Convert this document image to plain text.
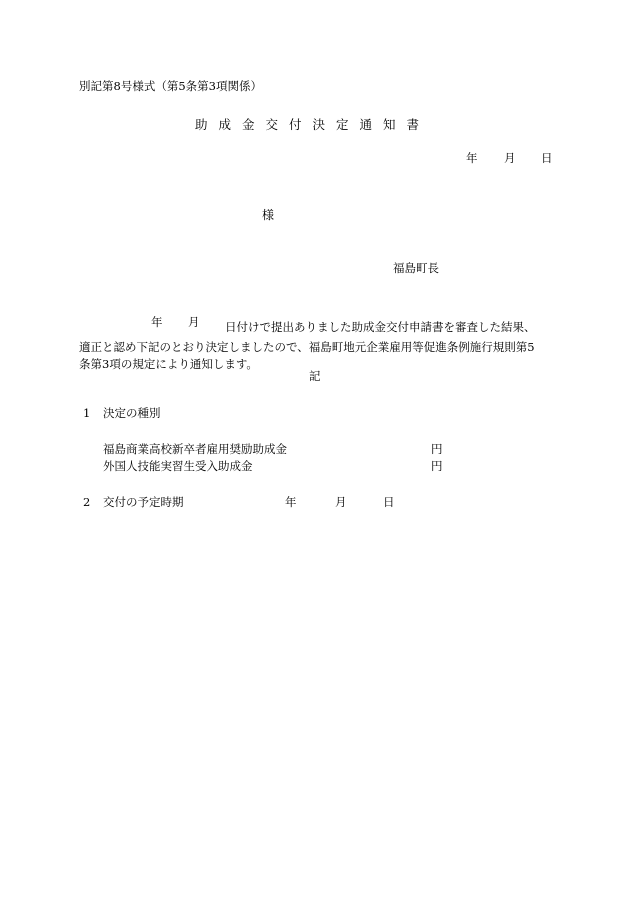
別記第8号様式（第5条第3項関係）
助成金交付決定通知書
年 月 日
様
福島町長
年 月	日付けで提出ありました助成金交付申請書を審査した結果、
適正と認め下記のとおり決定しましたので、福島町地元企業雇用等促進条例施行規則第5
条第3項の規定により通知します。
記
1 決定の種別
福島商業高校新卒者雇用奨励助成金	円
外国人技能実習生受入助成金	円
2 交付の予定時期	年	月	日
